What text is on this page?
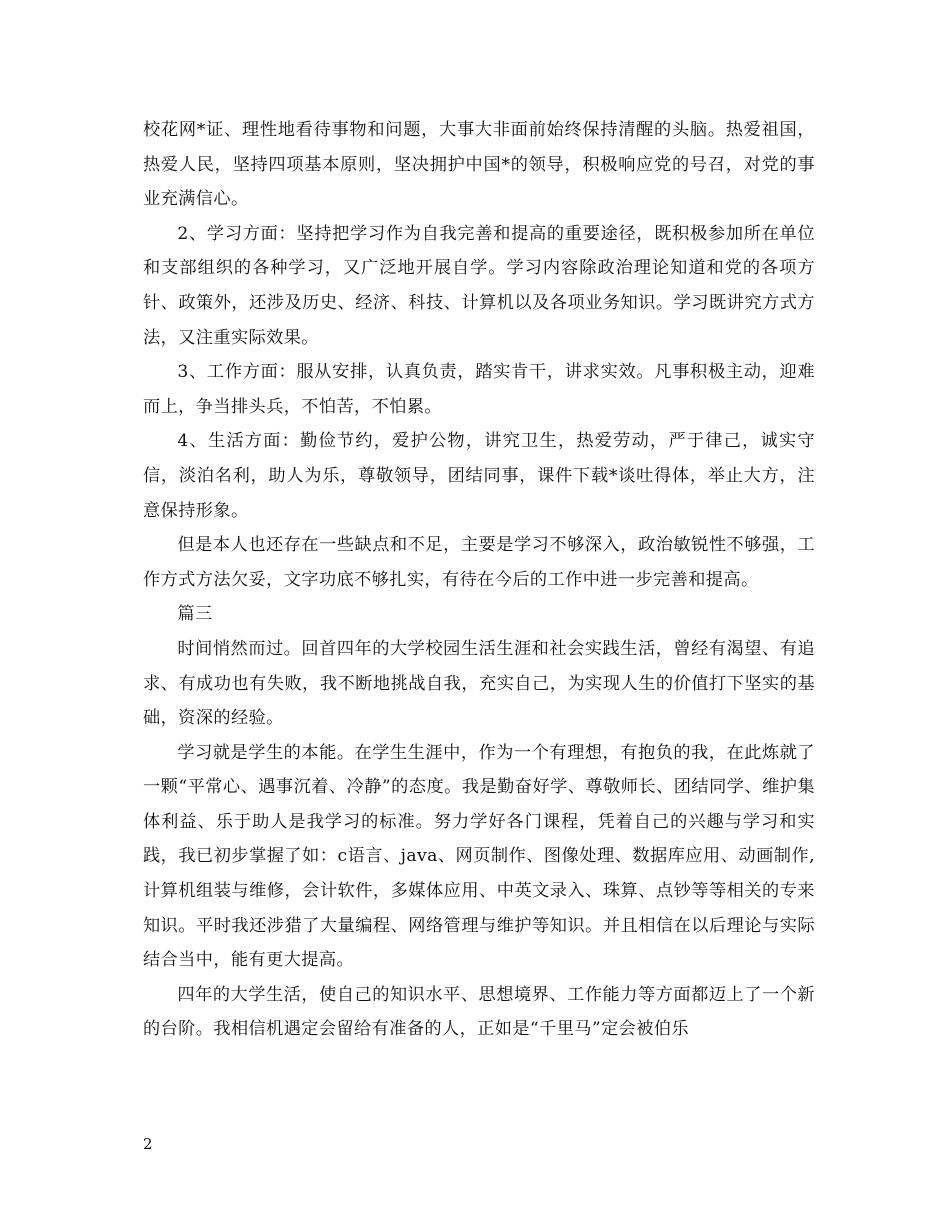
校花网*证、理性地看待事物和问题，大事大非面前始终保持清醒的头脑。热爱祖国，热爱人民，坚持四项基本原则，坚决拥护中国*的领导，积极响应党的号召，对党的事业充满信心。

2、学习方面：坚持把学习作为自我完善和提高的重要途径，既积极参加所在单位和支部组织的各种学习，又广泛地开展自学。学习内容除政治理论知道和党的各项方针、政策外，还涉及历史、经济、科技、计算机以及各项业务知识。学习既讲究方式方法，又注重实际效果。

3、工作方面：服从安排，认真负责，踏实肯干，讲求实效。凡事积极主动，迎难而上，争当排头兵，不怕苦，不怕累。

4、生活方面：勤俭节约，爱护公物，讲究卫生，热爱劳动，严于律己，诚实守信，淡泊名利，助人为乐，尊敬领导，团结同事，课件下载*谈吐得体，举止大方，注意保持形象。

但是本人也还存在一些缺点和不足，主要是学习不够深入，政治敏锐性不够强，工作方式方法欠妥，文字功底不够扎实，有待在今后的工作中进一步完善和提高。

篇三

时间悄然而过。回首四年的大学校园生活生涯和社会实践生活，曾经有渴望、有追求、有成功也有失败，我不断地挑战自我，充实自己，为实现人生的价值打下坚实的基础，资深的经验。

学习就是学生的本能。在学生生涯中，作为一个有理想，有抱负的我，在此炼就了一颗“平常心、遇事沉着、冷静”的态度。我是勤奋好学、尊敬师长、团结同学、维护集体利益、乐于助人是我学习的标准。努力学好各门课程，凭着自己的兴趣与学习和实践，我已初步掌握了如：c语言、java、网页制作、图像处理、数据库应用、动画制作,计算机组装与维修，会计软件，多媒体应用、中英文录入、珠算、点钞等等相关的专来知识。平时我还涉猎了大量编程、网络管理与维护等知识。并且相信在以后理论与实际结合当中，能有更大提高。

四年的大学生活，使自己的知识水平、思想境界、工作能力等方面都迈上了一个新的台阶。我相信机遇定会留给有准备的人，正如是“千里马”定会被伯乐

2
